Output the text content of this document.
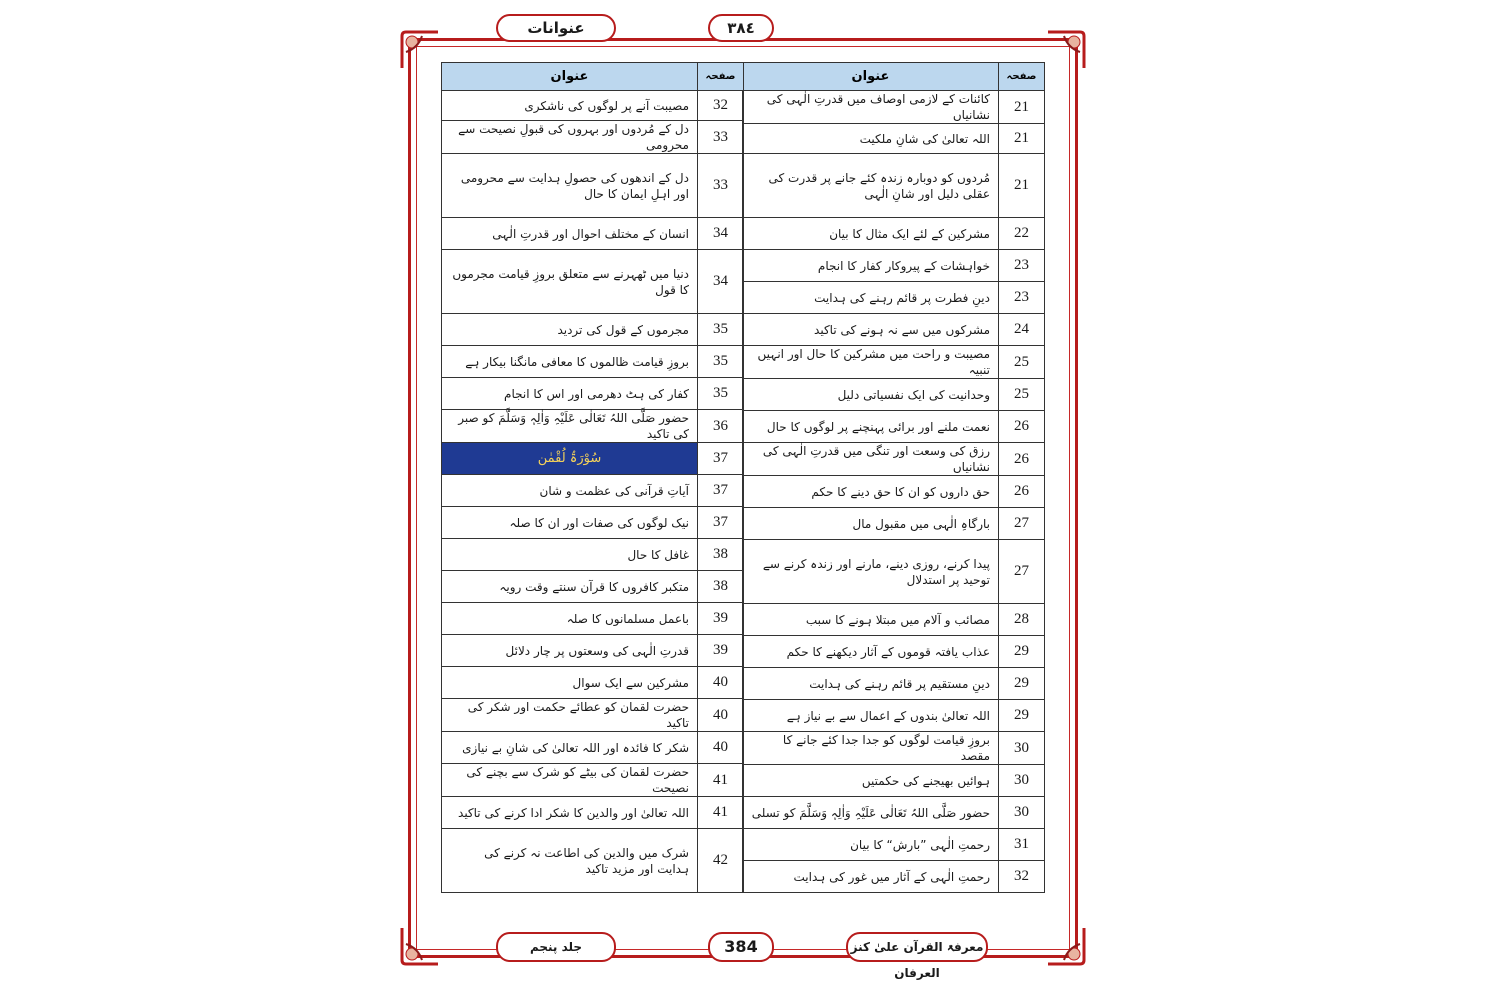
عنوانات	۳۸٤
عنوان	صفحہ
کائنات کے لازمی اوصاف میں قدرتِ الٰہی کی نشانیاں	21
اللہ تعالیٰ کی شانِ ملکیت	21
مُردوں کو دوبارہ زندہ کئے جانے پر قدرت کی عقلی دلیل اور شانِ الٰہی	21
مشرکین کے لئے ایک مثال کا بیان	22
خواہشات کے پیروکار کفار کا انجام	23
دینِ فطرت پر قائم رہنے کی ہدایت	23
مشرکوں میں سے نہ ہونے کی تاکید	24
مصیبت و راحت میں مشرکین کا حال اور انہیں تنبیہ	25
وحدانیت کی ایک نفسیاتی دلیل	25
نعمت ملنے اور برائی پہنچنے پر لوگوں کا حال	26
رزق کی وسعت اور تنگی میں قدرتِ الٰہی کی نشانیاں	26
حق داروں کو ان کا حق دینے کا حکم	26
بارگاہِ الٰہی میں مقبول مال	27
پیدا کرنے، روزی دینے، مارنے اور زندہ کرنے سے توحید پر استدلال	27
مصائب و آلام میں مبتلا ہونے کا سبب	28
عذاب یافتہ قوموں کے آثار دیکھنے کا حکم	29
دینِ مستقیم پر قائم رہنے کی ہدایت	29
اللہ تعالیٰ بندوں کے اعمال سے بے نیاز ہے	29
بروزِ قیامت لوگوں کو جدا جدا کئے جانے کا مقصد	30
ہوائیں بھیجنے کی حکمتیں	30
حضور صَلَّی اللہُ تَعَالٰی عَلَیْہِ وَاٰلِہٖ وَسَلَّمَ کو تسلی	30
رحمتِ الٰہی ”بارش“ کا بیان	31
رحمتِ الٰہی کے آثار میں غور کی ہدایت	32
عنوان	صفحہ
مصیبت آنے پر لوگوں کی ناشکری	32
دل کے مُردوں اور بہروں کی قبولِ نصیحت سے محرومی	33
دل کے اندھوں کی حصولِ ہدایت سے محرومی اور اہلِ ایمان کا حال	33
انسان کے مختلف احوال اور قدرتِ الٰہی	34
دنیا میں ٹھہرنے سے متعلق بروزِ قیامت مجرموں کا قول	34
مجرموں کے قول کی تردید	35
بروزِ قیامت ظالموں کا معافی مانگنا بیکار ہے	35
کفار کی ہٹ دھرمی اور اس کا انجام	35
حضور صَلَّی اللہُ تَعَالٰی عَلَیْہِ وَاٰلِہٖ وَسَلَّمَ کو صبر کی تاکید	36
سُوْرَۃُ لُقْمٰن	37
آیاتِ قرآنی کی عظمت و شان	37
نیک لوگوں کی صفات اور ان کا صلہ	37
غافل کا حال	38
متکبر کافروں کا قرآن سنتے وقت رویہ	38
باعمل مسلمانوں کا صلہ	39
قدرتِ الٰہی کی وسعتوں پر چار دلائل	39
مشرکین سے ایک سوال	40
حضرت لقمان کو عطائے حکمت اور شکر کی تاکید	40
شکر کا فائدہ اور اللہ تعالیٰ کی شانِ بے نیازی	40
حضرت لقمان کی بیٹے کو شرک سے بچنے کی نصیحت	41
اللہ تعالیٰ اور والدین کا شکر ادا کرنے کی تاکید	41
شرک میں والدین کی اطاعت نہ کرنے کی ہدایت اور مزید تاکید	42
جلد پنجم	384	معرفۃ القرآن علیٰ کنز العرفان
